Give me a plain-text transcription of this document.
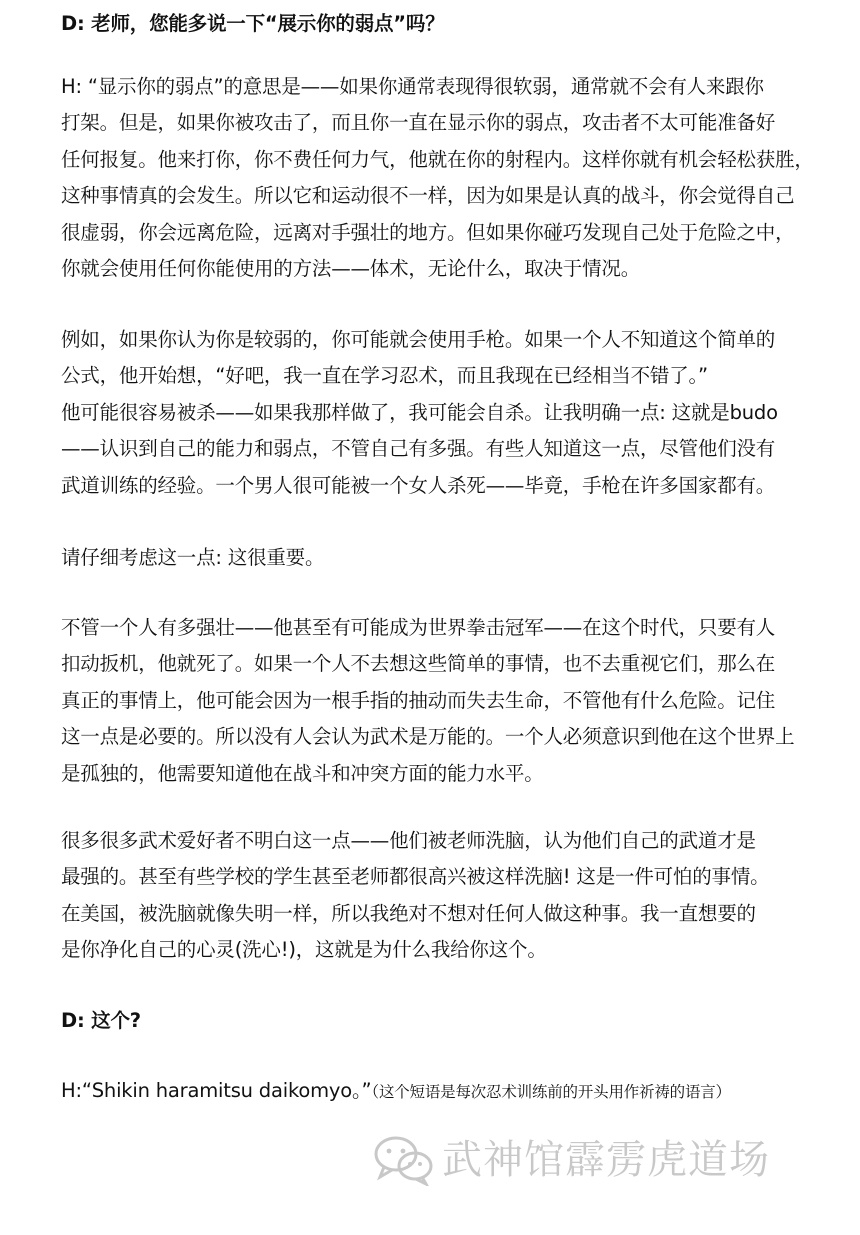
D: 老师，您能多说一下“展示你的弱点”吗？
H: “显示你的弱点”的意思是——如果你通常表现得很软弱，通常就不会有人来跟你
打架。但是，如果你被攻击了，而且你一直在显示你的弱点，攻击者不太可能准备好
任何报复。他来打你，你不费任何力气，他就在你的射程内。这样你就有机会轻松获胜，
这种事情真的会发生。所以它和运动很不一样，因为如果是认真的战斗，你会觉得自己
很虚弱，你会远离危险，远离对手强壮的地方。但如果你碰巧发现自己处于危险之中，
你就会使用任何你能使用的方法——体术，无论什么，取决于情况。
例如，如果你认为你是较弱的，你可能就会使用手枪。如果一个人不知道这个简单的
公式，他开始想，“好吧，我一直在学习忍术，而且我现在已经相当不错了。”
他可能很容易被杀——如果我那样做了，我可能会自杀。让我明确一点: 这就是budo
——认识到自己的能力和弱点，不管自己有多强。有些人知道这一点，尽管他们没有
武道训练的经验。一个男人很可能被一个女人杀死——毕竟，手枪在许多国家都有。
请仔细考虑这一点: 这很重要。
不管一个人有多强壮——他甚至有可能成为世界拳击冠军——在这个时代，只要有人
扣动扳机，他就死了。如果一个人不去想这些简单的事情，也不去重视它们，那么在
真正的事情上，他可能会因为一根手指的抽动而失去生命，不管他有什么危险。记住
这一点是必要的。所以没有人会认为武术是万能的。一个人必须意识到他在这个世界上
是孤独的，他需要知道他在战斗和冲突方面的能力水平。
很多很多武术爱好者不明白这一点——他们被老师洗脑，认为他们自己的武道才是
最强的。甚至有些学校的学生甚至老师都很高兴被这样洗脑! 这是一件可怕的事情。
在美国，被洗脑就像失明一样，所以我绝对不想对任何人做这种事。我一直想要的
是你净化自己的心灵(洗心!)，这就是为什么我给你这个。
D: 这个?
H:“Shikin haramitsu daikomyo。”（这个短语是每次忍术训练前的开头用作祈祷的语言）
武神馆霹雳虎道场
